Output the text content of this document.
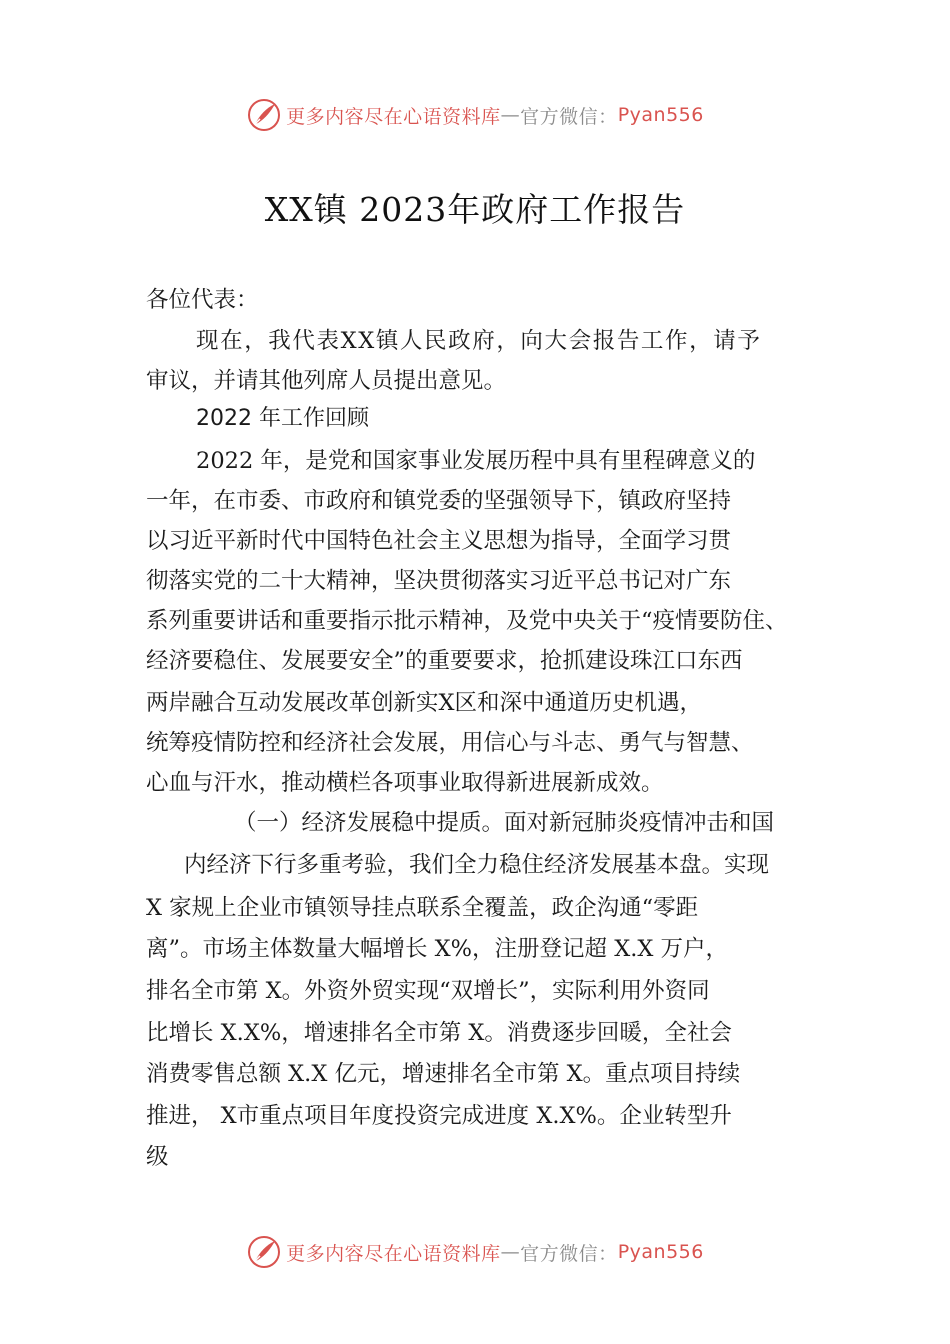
更多内容尽在心语资料库 — 官方微信： Pyan556
XX镇 2023年政府工作报告
各位代表：
现在，我代表XX镇人民政府，向大会报告工作，请予
审议，并请其他列席人员提出意见。
2022 年工作回顾
2022 年，是党和国家事业发展历程中具有里程碑意义的
一年，在市委、市政府和镇党委的坚强领导下，镇政府坚持
以习近平新时代中国特色社会主义思想为指导，全面学习贯
彻落实党的二十大精神，坚决贯彻落实习近平总书记对广东
系列重要讲话和重要指示批示精神，及党中央关于“疫情要防住、
经济要稳住、发展要安全”的重要要求，抢抓建设珠江口东西
两岸融合互动发展改革创新实X区和深中通道历史机遇，
统筹疫情防控和经济社会发展，用信心与斗志、勇气与智慧、
心血与汗水，推动横栏各项事业取得新进展新成效。
（一）经济发展稳中提质。面对新冠肺炎疫情冲击和国
内经济下行多重考验，我们全力稳住经济发展基本盘。实现
X 家规上企业市镇领导挂点联系全覆盖，政企沟通“零距
离”。市场主体数量大幅增长 X%，注册登记超 X.X 万户，
排名全市第 X。外资外贸实现“双增长”，实际利用外资同
比增长 X.X%，增速排名全市第 X。消费逐步回暖，全社会
消费零售总额 X.X 亿元，增速排名全市第 X。重点项目持续
推进， X市重点项目年度投资完成进度 X.X%。企业转型升
级
更多内容尽在心语资料库 — 官方微信： Pyan556
